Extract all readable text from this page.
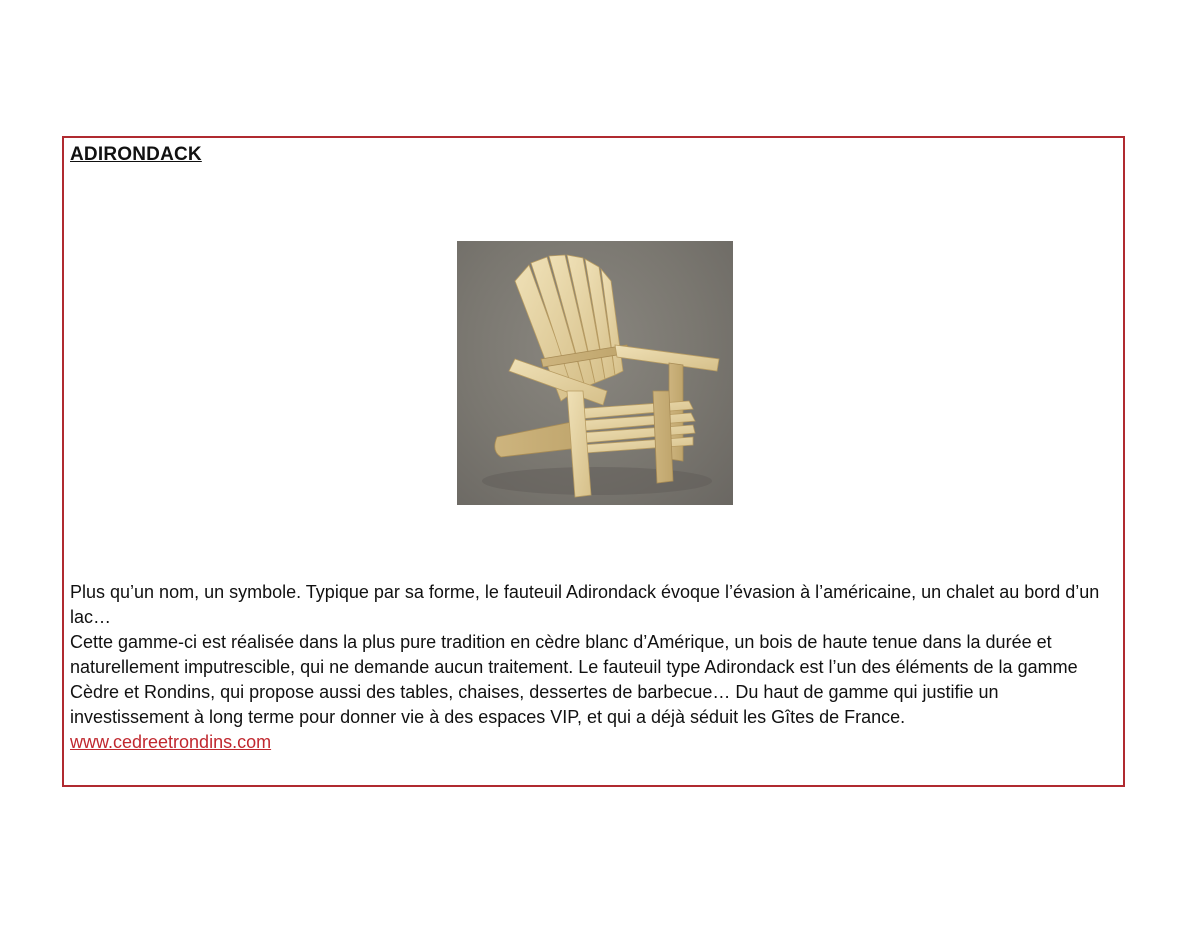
ADIRONDACK

Plus qu’un nom, un symbole. Typique par sa forme, le fauteuil Adirondack évoque l’évasion à l’américaine, un chalet au bord d’un lac…

Cette gamme-ci est réalisée dans la plus pure tradition en cèdre blanc d’Amérique, un bois de haute tenue dans la durée et naturellement imputrescible, qui ne demande aucun traitement. Le fauteuil type Adirondack est l’un des éléments de la gamme Cèdre et Rondins, qui propose aussi des tables, chaises, dessertes de barbecue… Du haut de gamme qui justifie un investissement à long terme pour donner vie à des espaces VIP, et qui a déjà séduit les Gîtes de France.

www.cedreetrondins.com
